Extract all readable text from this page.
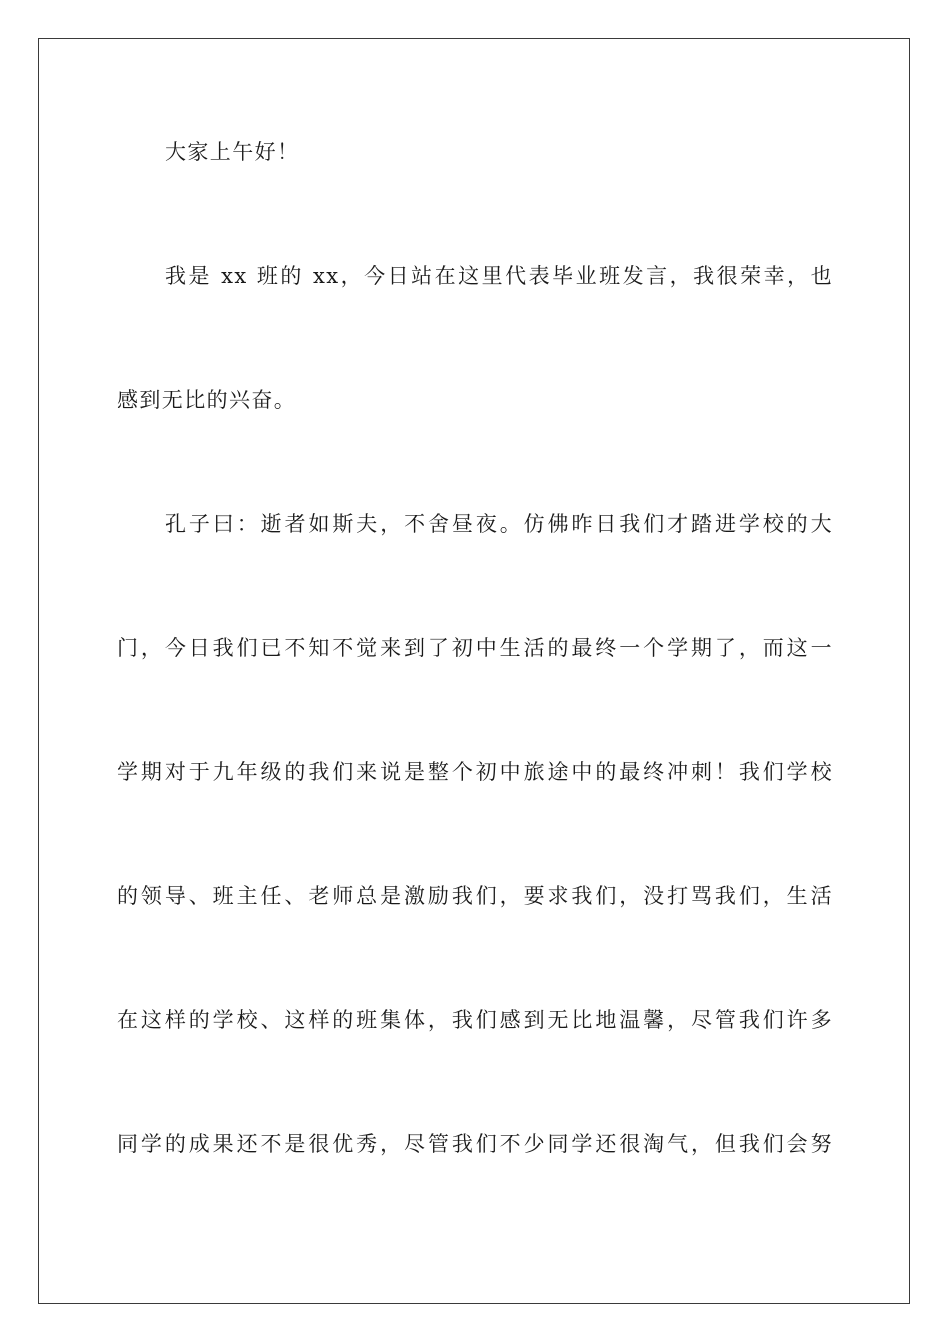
大家上午好！
我是 xx 班的 xx，今日站在这里代表毕业班发言，我很荣幸，也
感到无比的兴奋。
孔子曰：逝者如斯夫，不舍昼夜。仿佛昨日我们才踏进学校的大
门，今日我们已不知不觉来到了初中生活的最终一个学期了，而这一
学期对于九年级的我们来说是整个初中旅途中的最终冲刺！我们学校
的领导、班主任、老师总是激励我们，要求我们，没打骂我们，生活
在这样的学校、这样的班集体，我们感到无比地温馨，尽管我们许多
同学的成果还不是很优秀，尽管我们不少同学还很淘气，但我们会努
